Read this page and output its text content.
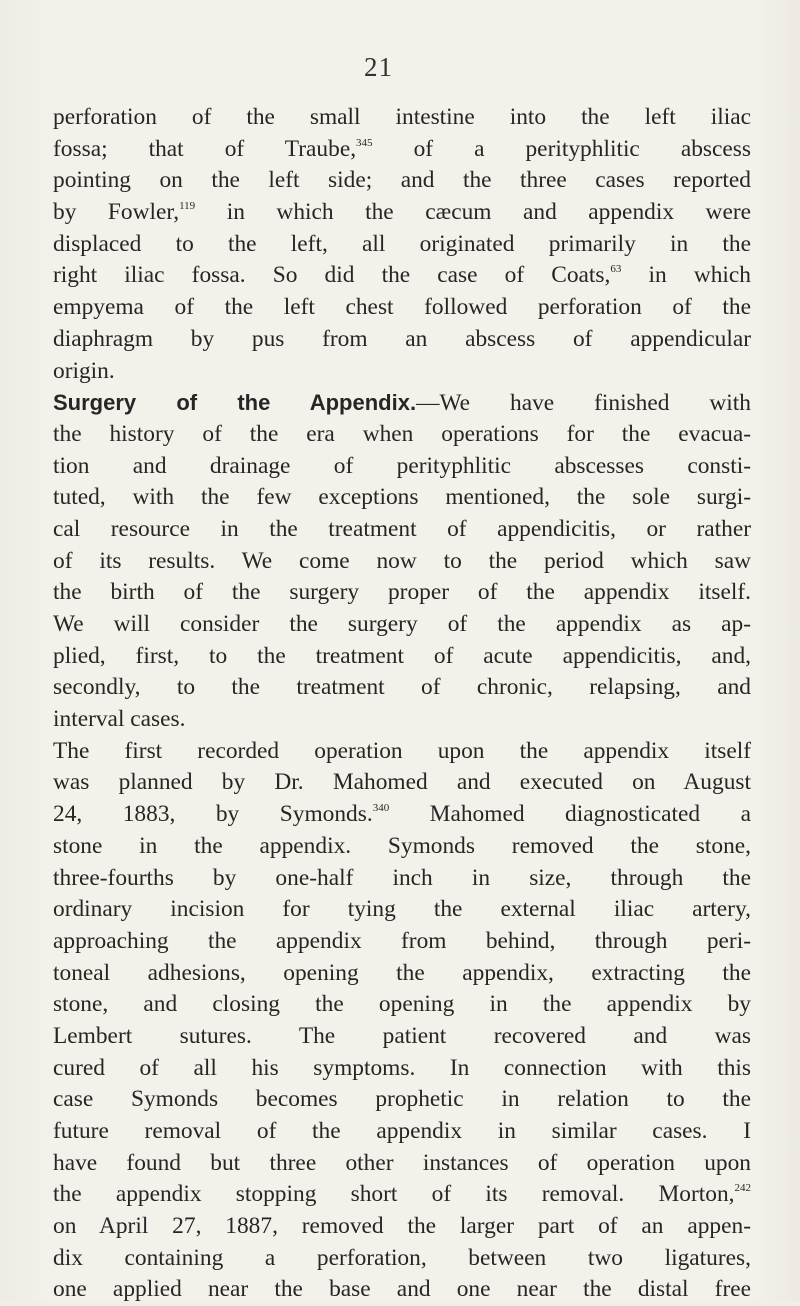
21
perforation of the small intestine into the left iliac
fossa; that of Traube,$^{345}$ of a perityphlitic abscess
pointing on the left side; and the three cases reported
by Fowler,$^{119}$ in which the cæcum and appendix were
displaced to the left, all originated primarily in the
right iliac fossa. So did the case of Coats,$^{63}$ in which
empyema of the left chest followed perforation of the
diaphragm by pus from an abscess of appendicular
origin.
Surgery of the Appendix.—We have finished with
the history of the era when operations for the evacua-
tion and drainage of perityphlitic abscesses consti-
tuted, with the few exceptions mentioned, the sole surgi-
cal resource in the treatment of appendicitis, or rather
of its results. We come now to the period which saw
the birth of the surgery proper of the appendix itself.
We will consider the surgery of the appendix as ap-
plied, first, to the treatment of acute appendicitis, and,
secondly, to the treatment of chronic, relapsing, and
interval cases.
The first recorded operation upon the appendix itself
was planned by Dr. Mahomed and executed on August
24, 1883, by Symonds.$^{340}$ Mahomed diagnosticated a
stone in the appendix. Symonds removed the stone,
three-fourths by one-half inch in size, through the
ordinary incision for tying the external iliac artery,
approaching the appendix from behind, through peri-
toneal adhesions, opening the appendix, extracting the
stone, and closing the opening in the appendix by
Lembert sutures. The patient recovered and was
cured of all his symptoms. In connection with this
case Symonds becomes prophetic in relation to the
future removal of the appendix in similar cases. I
have found but three other instances of operation upon
the appendix stopping short of its removal. Morton,$^{242}$
on April 27, 1887, removed the larger part of an appen-
dix containing a perforation, between two ligatures,
one applied near the base and one near the distal free
